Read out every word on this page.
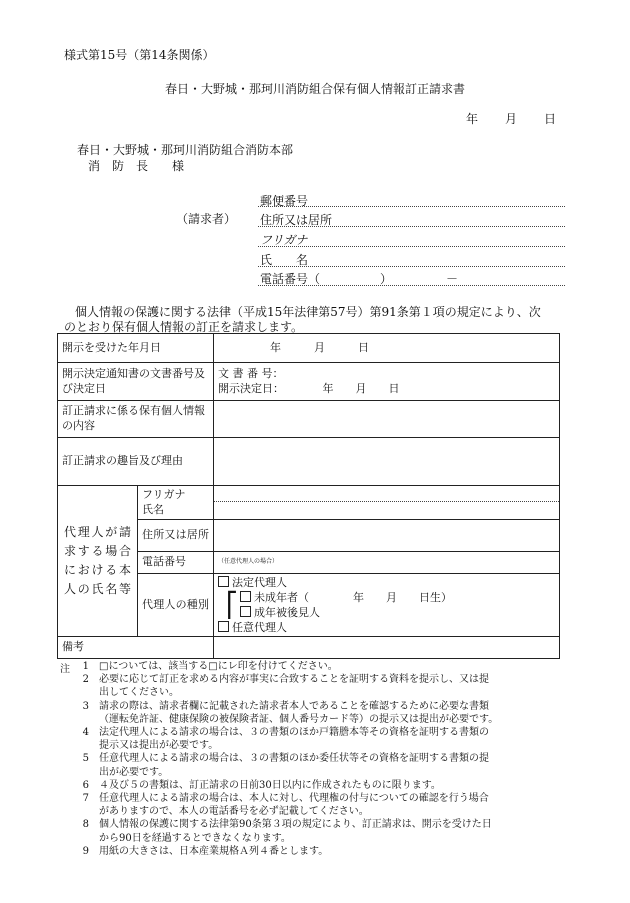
様式第15号（第14条関係）
春日・大野城・那珂川消防組合保有個人情報訂正請求書
年 月 日
春日・大野城・那珂川消防組合消防本部
消　防　長　　様
（請求者）
郵便番号
住所又は居所
フリガナ
氏　　名
電話番号（　　　　　）　　　　　－
個人情報の保護に関する法律（平成15年法律第57号）第91条第１項の規定により、次
のとおり保有個人情報の訂正を請求します。
開示を受けた年月日		年　　　月　　　日
開示決定通知書の文書番号及び決定日		文 書 番 号：
開示決定日：　　　　年　　月　　日

訂正請求に係る保有個人情報の内容		
訂正請求の趣旨及び理由		
代理人が請求する場合における本人の氏名等	フリガナ
氏名	

	住所又は居所	
	電話番号	（任意代理人の場合）
	代理人の種別	法定代理人
⎡ 未成年者（　　　　年　　月　　日生）
成年被後見人
任意代理人

備考		
注	1	□については、該当する□にレ印を付けてください。
2	必要に応じて訂正を求める内容が事実に合致することを証明する資料を提示し、又は提
出してください。
3	請求の際は、請求者欄に記載された請求者本人であることを確認するために必要な書類
（運転免許証、健康保険の被保険者証、個人番号カード等）の提示又は提出が必要です。
4	法定代理人による請求の場合は、３の書類のほか戸籍謄本等その資格を証明する書類の
提示又は提出が必要です。
5	任意代理人による請求の場合は、３の書類のほか委任状等その資格を証明する書類の提
出が必要です。
6	４及び５の書類は、訂正請求の日前30日以内に作成されたものに限ります。
7	任意代理人による請求の場合は、本人に対し、代理権の付与についての確認を行う場合
がありますので、本人の電話番号を必ず記載してください。
8	個人情報の保護に関する法律第90条第３項の規定により、訂正請求は、開示を受けた日
から90日を経過するとできなくなります。
9	用紙の大きさは、日本産業規格Ａ列４番とします。
